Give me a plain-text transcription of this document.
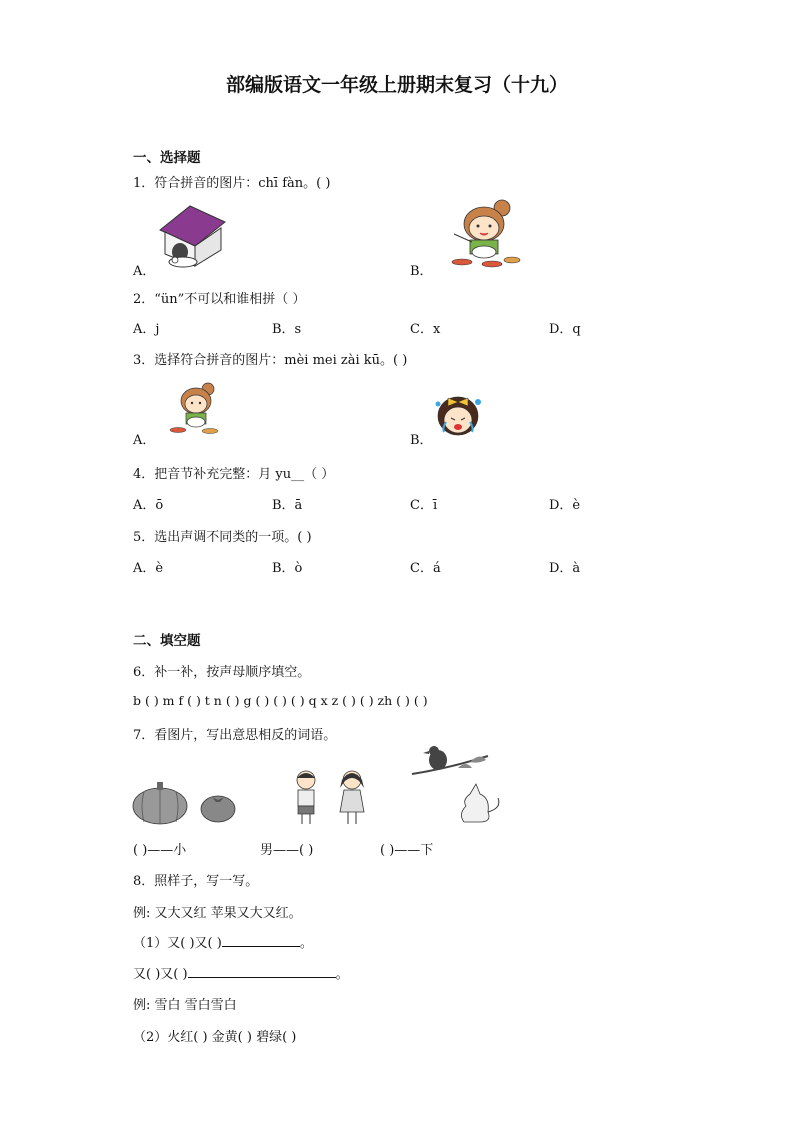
部编版语文一年级上册期末复习（十九）
一、选择题
1．符合拼音的图片：chī fàn。( )
A．	B．
2．“ün”不可以和谁相拼（ ）
A．j	B．s	C．x	D．q
3．选择符合拼音的图片：mèi mei zài kū。( )
A．	B．
4．把音节补充完整：月 yu__（ ）
A．ō	B．ā	C．ī	D．è
5．选出声调不同类的一项。( )
A．è	B．ò	C．á	D．à
二、填空题
6．补一补，按声母顺序填空。
b ( ) m f ( ) t n ( ) g ( ) ( ) ( ) q x z ( ) ( ) zh ( ) ( )
7．看图片，写出意思相反的词语。
( )——小	男——( )	( )——下
8．照样子，写一写。
例: 又大又红 苹果又大又红。
（1）又( )又( )	。
又( )又( )	。
例: 雪白 雪白雪白
（2）火红( ) 金黄( ) 碧绿( )
